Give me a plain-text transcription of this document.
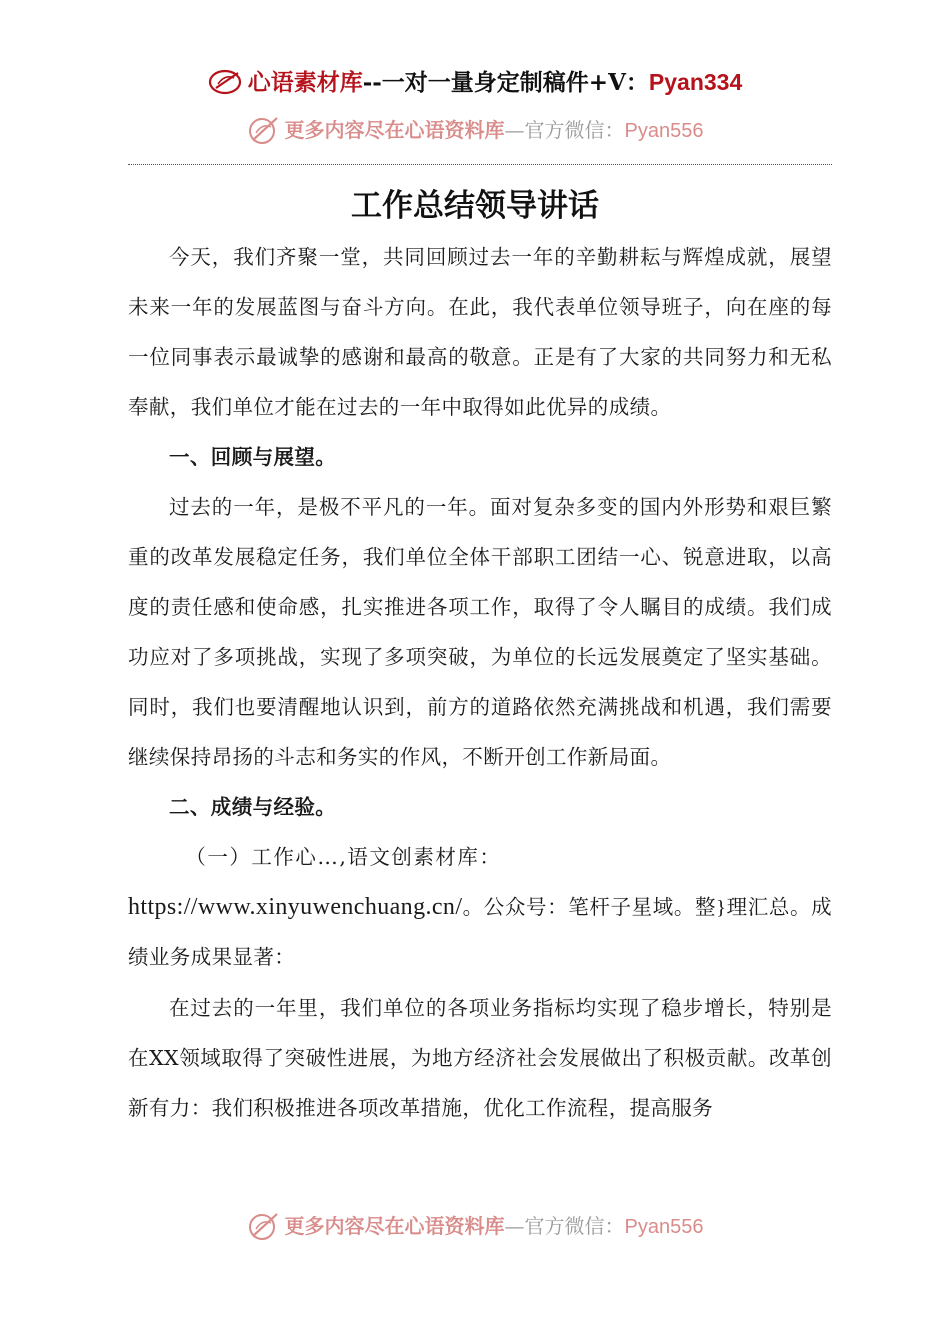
心语素材库--一对一量身定制稿件+V：Pyan334
更多内容尽在心语资料库—官方微信：Pyan556
工作总结领导讲话

今天，我们齐聚一堂，共同回顾过去一年的辛勤耕耘与辉煌成就，展望未来一年的发展蓝图与奋斗方向。在此，我代表单位领导班子，向在座的每一位同事表示最诚挚的感谢和最高的敬意。正是有了大家的共同努力和无私奉献，我们单位才能在过去的一年中取得如此优异的成绩。

一、回顾与展望。

过去的一年，是极不平凡的一年。面对复杂多变的国内外形势和艰巨繁重的改革发展稳定任务，我们单位全体干部职工团结一心、锐意进取，以高度的责任感和使命感，扎实推进各项工作，取得了令人瞩目的成绩。我们成功应对了多项挑战，实现了多项突破，为单位的长远发展奠定了坚实基础。同时，我们也要清醒地认识到，前方的道路依然充满挑战和机遇，我们需要继续保持昂扬的斗志和务实的作风，不断开创工作新局面。

二、成绩与经验。

（一）工作心…,语文创素材库：

https://www.xinyuwenchuang.cn/。公众号：笔杆子星域。整}理汇总。成绩业务成果显著：

在过去的一年里，我们单位的各项业务指标均实现了稳步增长，特别是在XX领域取得了突破性进展，为地方经济社会发展做出了积极贡献。改革创新有力：我们积极推进各项改革措施，优化工作流程，提高服务

更多内容尽在心语资料库—官方微信：Pyan556
